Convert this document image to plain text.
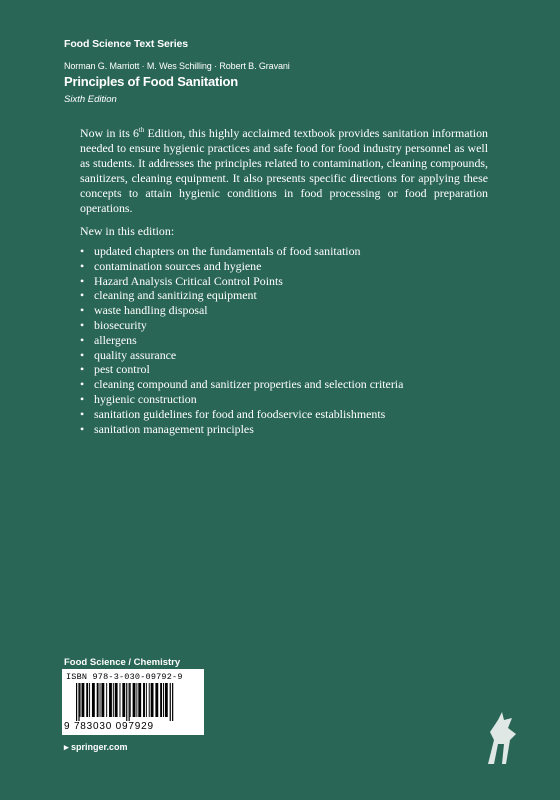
Food Science Text Series
Norman G. Marriott · M. Wes Schilling · Robert B. Gravani
Principles of Food Sanitation
Sixth Edition

Now in its 6th Edition, this highly acclaimed textbook provides sanitation information needed to ensure hygienic practices and safe food for food industry personnel as well as students. It addresses the principles related to contamination, cleaning compounds, sanitizers, cleaning equipment. It also presents specific directions for applying these concepts to attain hygienic conditions in food processing or food preparation operations.

New in this edition:

• updated chapters on the fundamentals of food sanitation
• contamination sources and hygiene
• Hazard Analysis Critical Control Points
• cleaning and sanitizing equipment
• waste handling disposal
• biosecurity
• allergens
• quality assurance
• pest control
• cleaning compound and sanitizer properties and selection criteria
• hygienic construction
• sanitation guidelines for food and foodservice establishments
• sanitation management principles
Food Science / Chemistry
ISBN 978-3-030-09792-9
9 783030 097929
▸ springer.com
